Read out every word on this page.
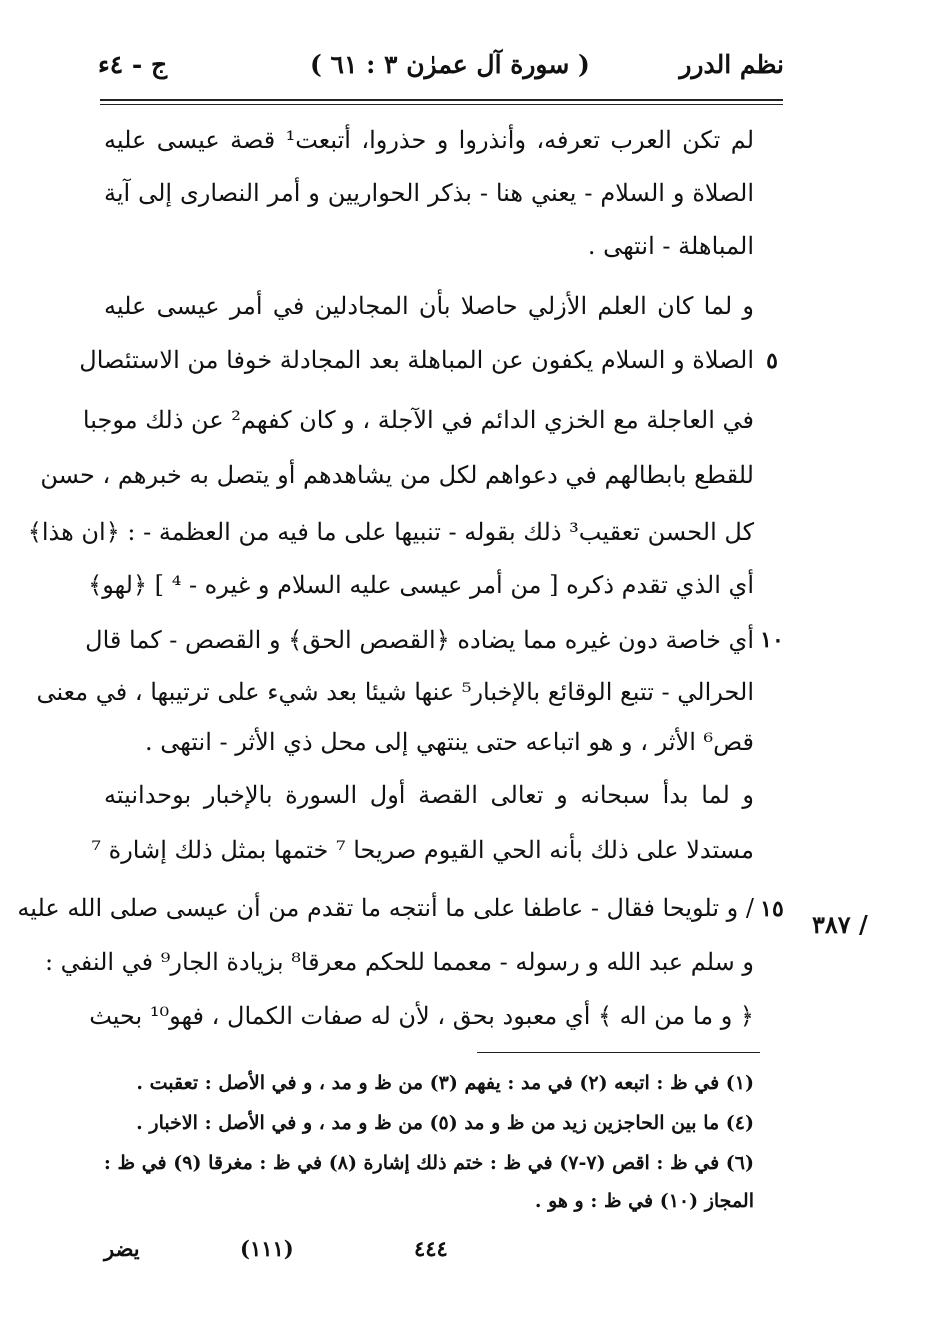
نظم الدرر
( سورة آل عمرٰن ٣ : ٦١ )
ج - ٤ء
لم تكن العرب تعرفه، وأنذروا و حذروا، أتبعت¹ قصة عيسى عليه
الصلاة و السلام - يعني هنا - بذكر الحواريين و أمر النصارى إلى آية
المباهلة - انتهى .
و لما كان العلم الأزلي حاصلا بأن المجادلين في أمر عيسى عليه
الصلاة و السلام يكفون عن المباهلة بعد المجادلة خوفا من الاستئصال
في العاجلة مع الخزي الدائم في الآجلة ، و كان كفهم² عن ذلك موجبا
للقطع بابطالهم في دعواهم لكل من يشاهدهم أو يتصل به خبرهم ، حسن
كل الحسن تعقيب³ ذلك بقوله - تنبيها على ما فيه من العظمة - : ﴿ان هذا﴾
أي الذي تقدم ذكره [ من أمر عيسى عليه السلام و غيره - ⁴ ] ﴿لهو﴾
أي خاصة دون غيره مما يضاده ﴿القصص الحق﴾ و القصص - كما قال
الحرالي - تتبع الوقائع بالإخبار⁵ عنها شيئا بعد شيء على ترتيبها ، في معنى
قص⁶ الأثر ، و هو اتباعه حتى ينتهي إلى محل ذي الأثر - انتهى .
و لما بدأ سبحانه و تعالى القصة أول السورة بالإخبار بوحدانيته
مستدلا على ذلك بأنه الحي القيوم صريحا ⁷ ختمها بمثل ذلك إشارة ⁷
/ و تلويحا فقال - عاطفا على ما أنتجه ما تقدم من أن عيسى صلى الله عليه
و سلم عبد الله و رسوله - معمما للحكم معرقا⁸ بزيادة الجار⁹ في النفي :
﴿ و ما من اله ﴾ أي معبود بحق ، لأن له صفات الكمال ، فهو¹⁰ بحيث
٥
١٠
١٥
/ ٣٨٧
(١) في ظ : اتبعه (٢) في مد : يفهم (٣) من ظ و مد ، و في الأصل : تعقبت .
(٤) ما بين الحاجزين زيد من ظ و مد (٥) من ظ و مد ، و في الأصل : الاخبار .
(٦) في ظ : اقص (٧-٧) في ظ : ختم ذلك إشارة (٨) في ظ : مغرقا (٩) في ظ :
المجاز (١٠) في ظ : و هو .
٤٤٤
(١١١)
يضر
